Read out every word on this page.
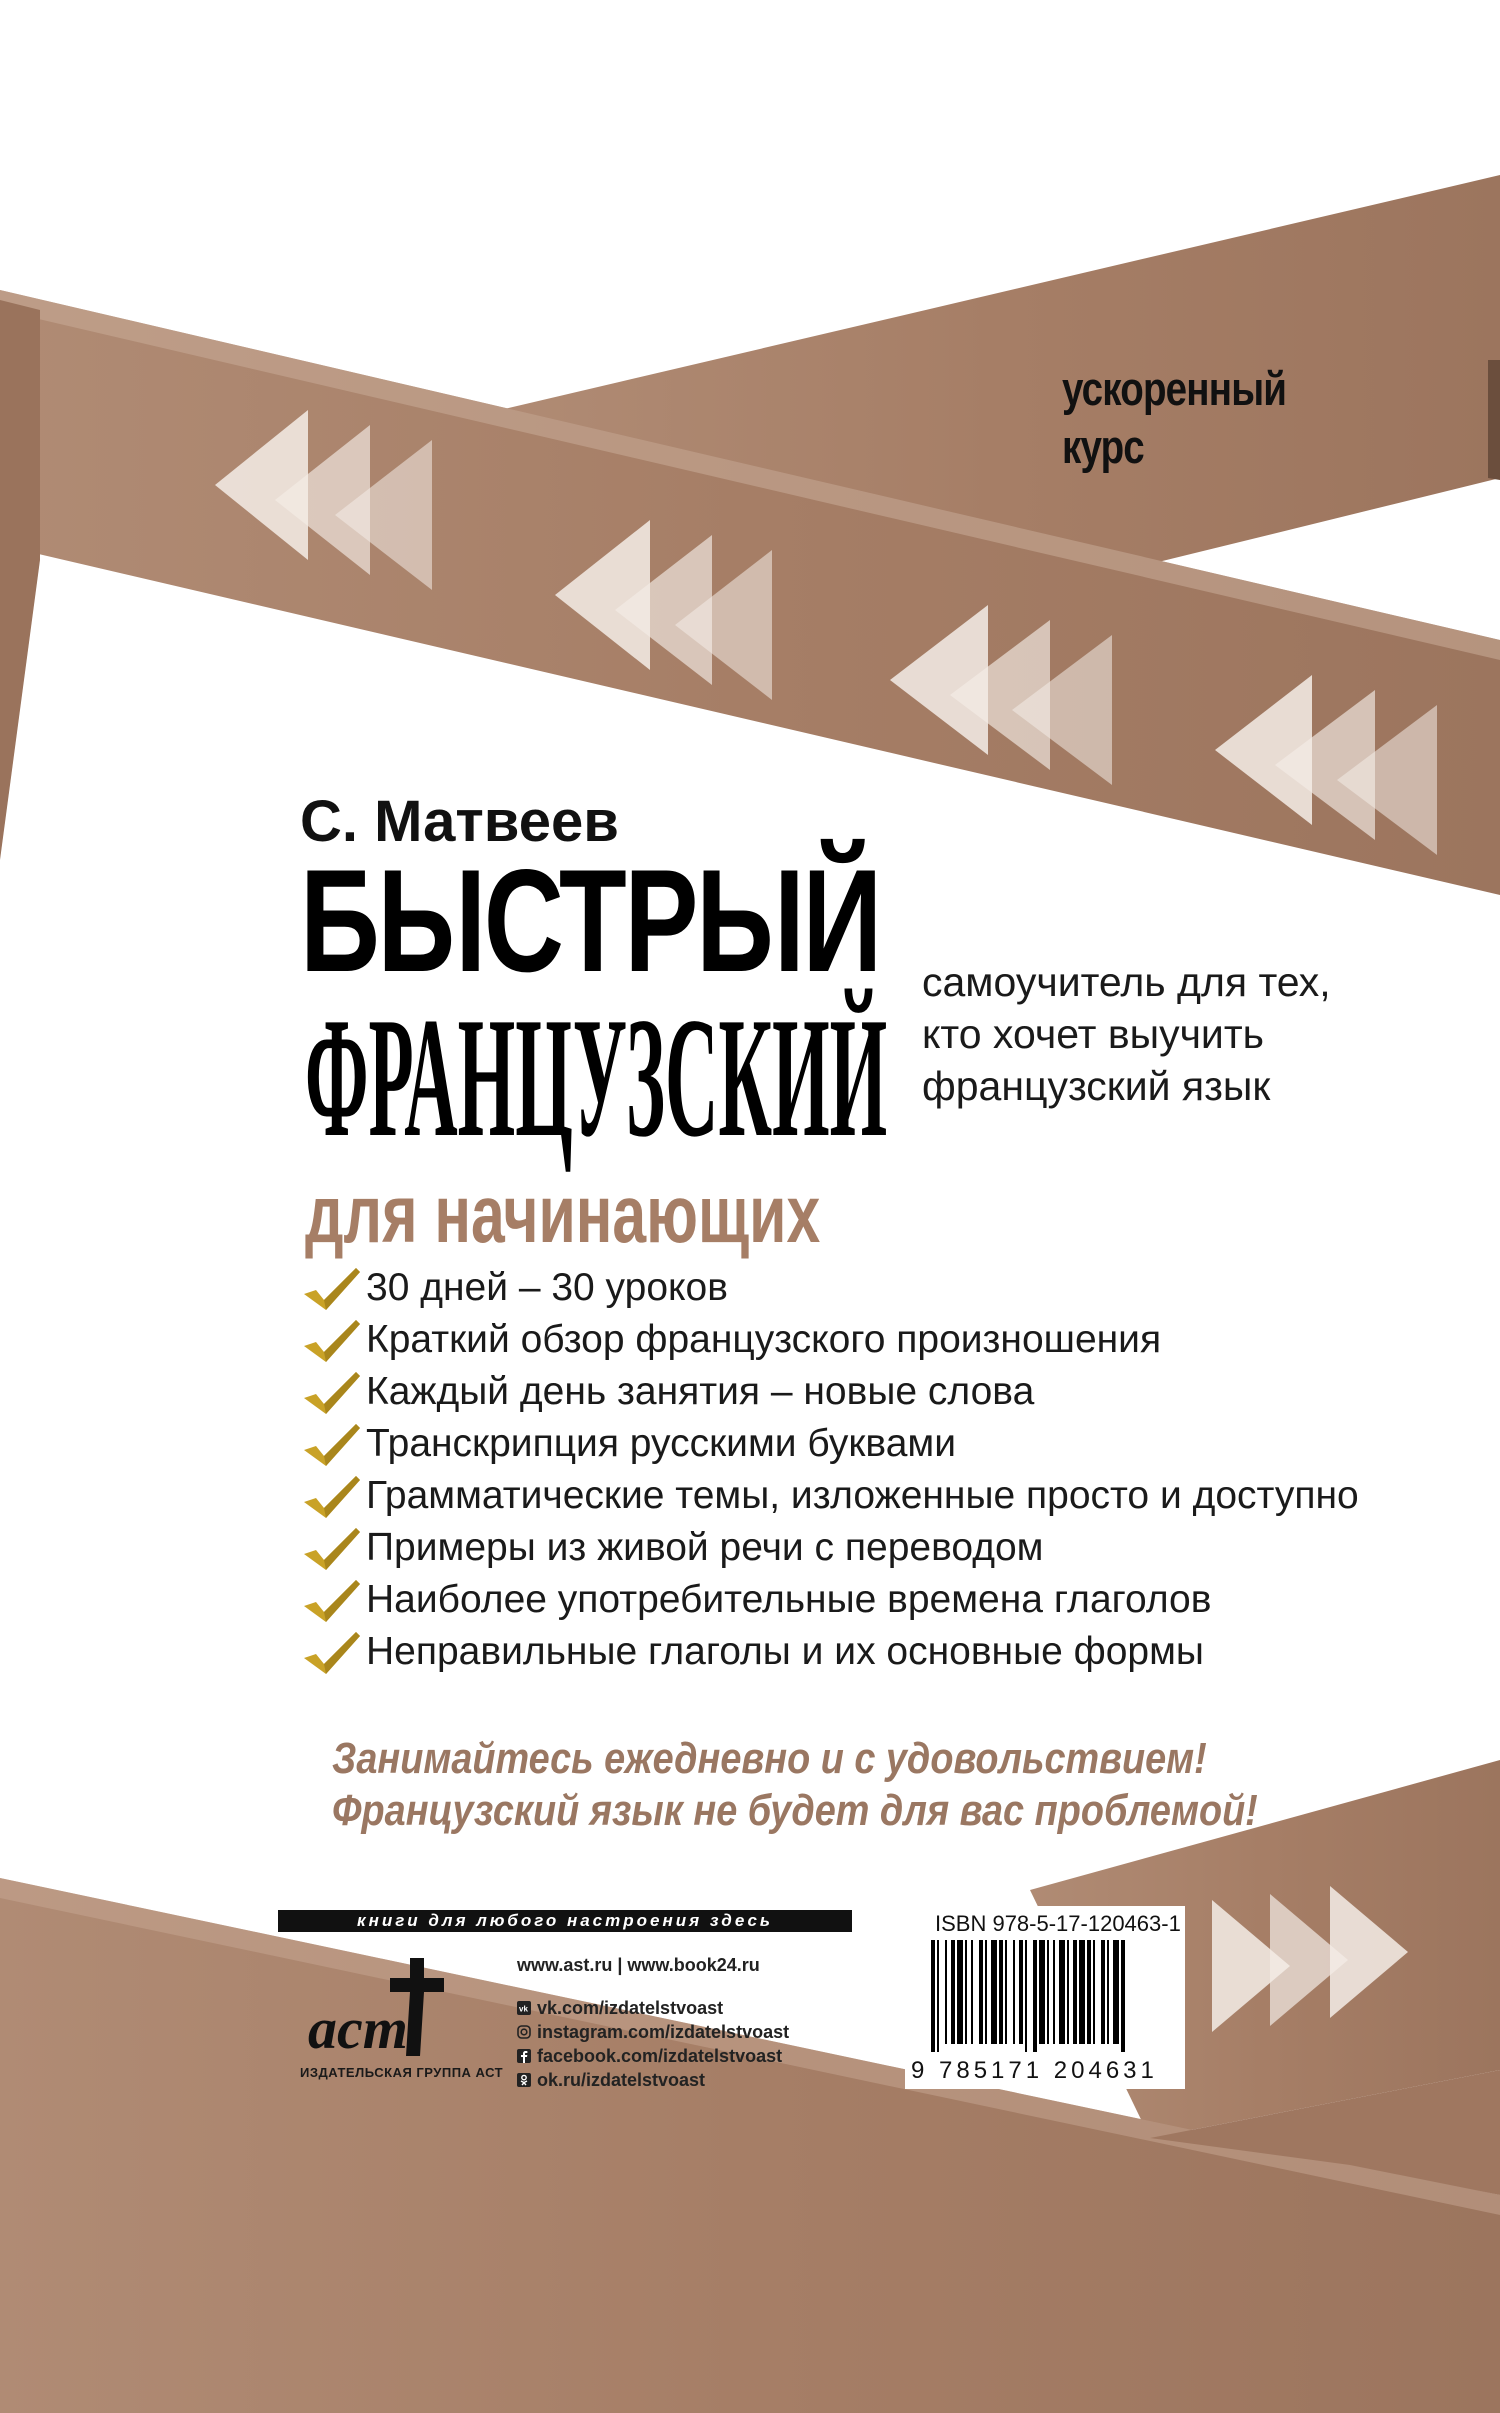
ускоренный
курс
С. Матвеев
БЫСТРЫЙ
ФРАНЦУЗСКИЙ
для начинающих
самоучитель для тех,
кто хочет выучить
французский язык
30 дней – 30 уроков
Краткий обзор французского произношения
Каждый день занятия – новые слова
Транскрипция русскими буквами
Грамматические темы, изложенные просто и доступно
Примеры из живой речи с переводом
Наиболее употребительные времена глаголов
Неправильные глаголы и их основные формы
Занимайтесь ежедневно и с удовольствием!
Французский язык не будет для вас проблемой!
книги для любого настроения здесь
аст
ИЗДАТЕЛЬСКАЯ ГРУППА АСТ
www.ast.ru | www.book24.ru
vk vk.com/ izdatelstvoast
instagram.com/ izdatelstvoast
facebook.com/ izdatelstvoast
ok.ru/ izdatelstvoast
ISBN 978-5-17-120463-1
9 785171 204631
